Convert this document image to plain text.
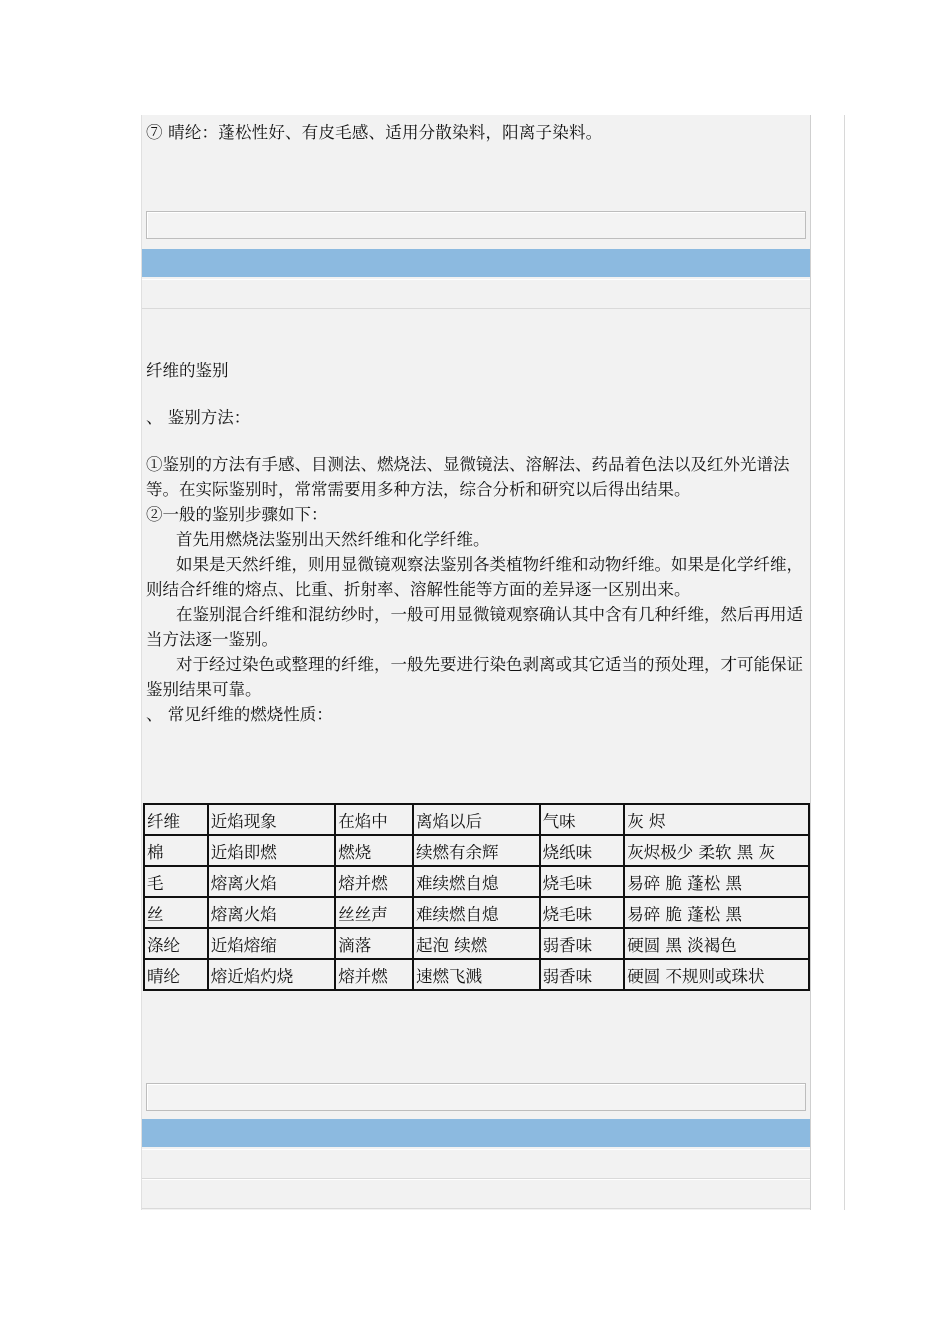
⑦ 晴纶：蓬松性好、有皮毛感、适用分散染料，阳离子染料。

纤维的鉴别

、 鉴别方法：

①鉴别的方法有手感、目测法、燃烧法、显微镜法、溶解法、药品着色法以及红外光谱法等。在实际鉴别时，常常需要用多种方法，综合分析和研究以后得出结果。

②一般的鉴别步骤如下：

首先用燃烧法鉴别出天然纤维和化学纤维。

如果是天然纤维，则用显微镜观察法鉴别各类植物纤维和动物纤维。如果是化学纤维，则结合纤维的熔点、比重、折射率、溶解性能等方面的差异逐一区别出来。

在鉴别混合纤维和混纺纱时，一般可用显微镜观察确认其中含有几种纤维，然后再用适当方法逐一鉴别。

对于经过染色或整理的纤维，一般先要进行染色剥离或其它适当的预处理，才可能保证鉴别结果可靠。

、 常见纤维的燃烧性质：

纤维	近焰现象	在焰中	离焰以后	气味	灰 烬
棉	近焰即燃	燃烧	续燃有余辉	烧纸味	灰烬极少 柔软 黑 灰
毛	熔离火焰	熔并燃	难续燃自熄	烧毛味	易碎 脆 蓬松 黑
丝	熔离火焰	丝丝声	难续燃自熄	烧毛味	易碎 脆 蓬松 黑
涤纶	近焰熔缩	滴落	起泡 续燃	弱香味	硬圆 黑 淡褐色
晴纶	熔近焰灼烧	熔并燃	速燃飞溅	弱香味	硬圆 不规则或珠状
